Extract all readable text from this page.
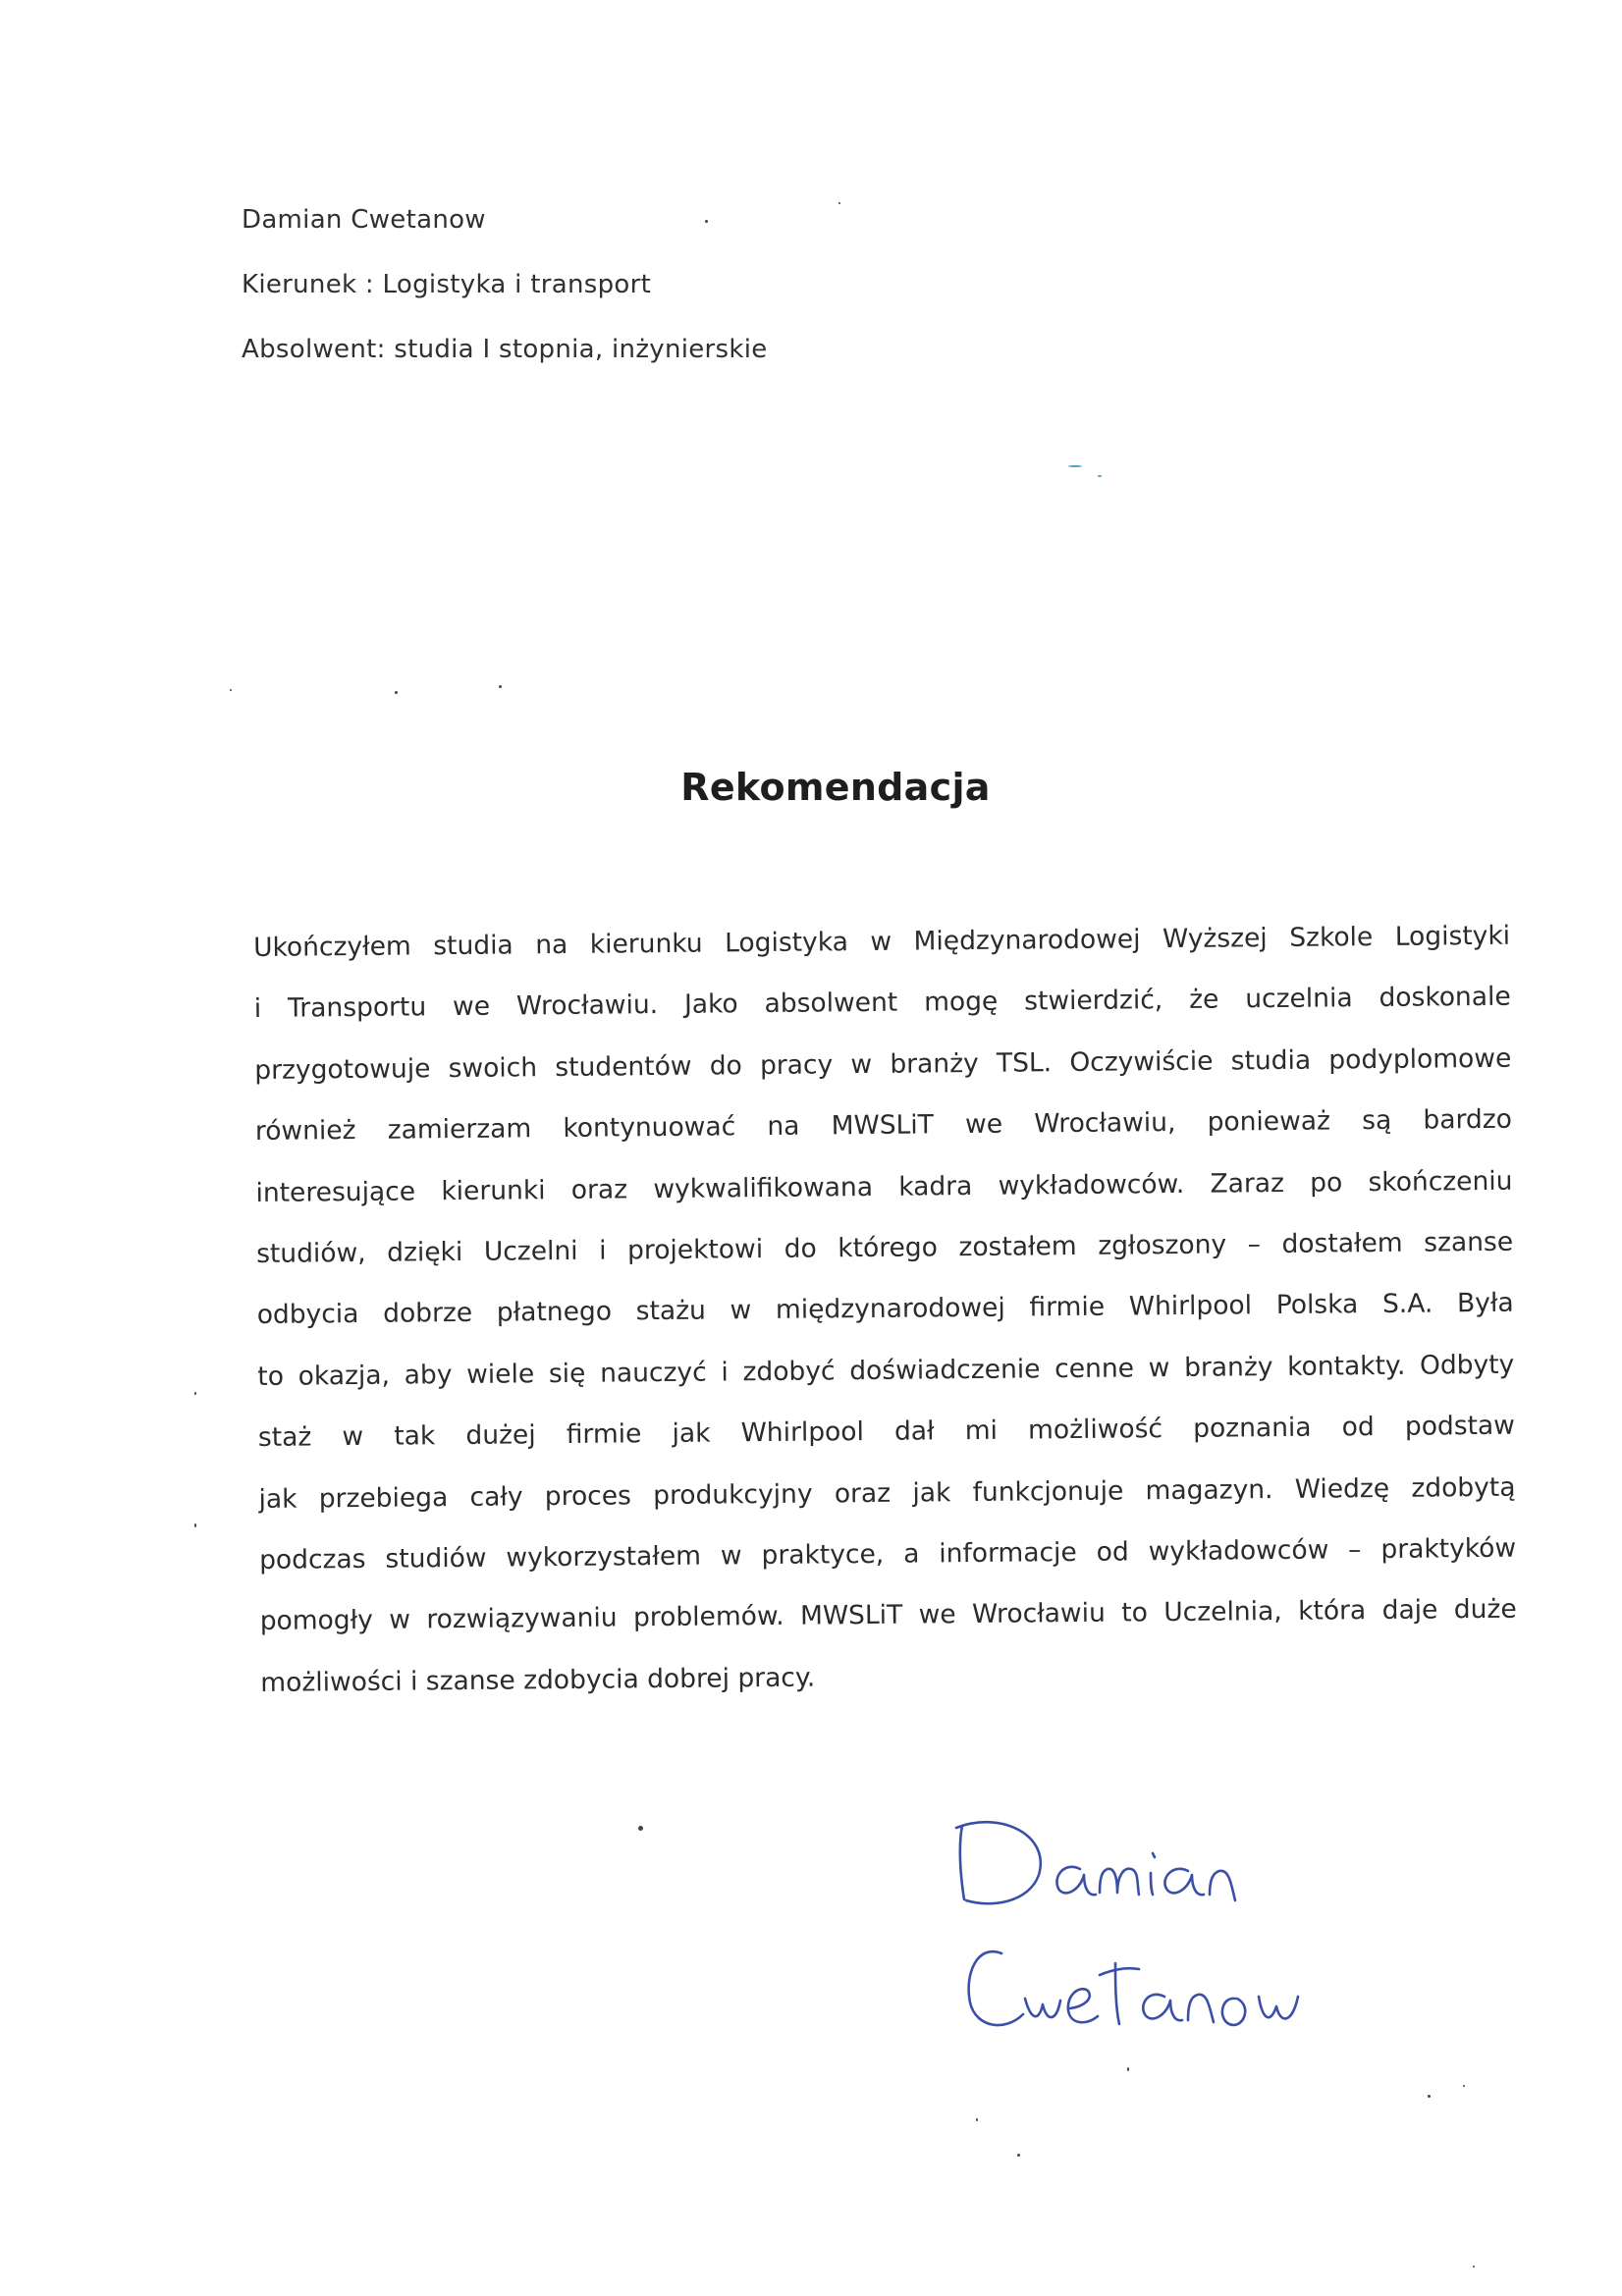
Damian Cwetanow
Kierunek : Logistyka i transport
Absolwent: studia I stopnia, inżynierskie
Rekomendacja
Ukończyłem studia na kierunku Logistyka w Międzynarodowej Wyższej Szkole Logistyki
i Transportu we Wrocławiu. Jako absolwent mogę stwierdzić, że uczelnia doskonale
przygotowuje swoich studentów do pracy w branży TSL. Oczywiście studia podyplomowe
również zamierzam kontynuować na MWSLiT we Wrocławiu, ponieważ są bardzo
interesujące kierunki oraz wykwalifikowana kadra wykładowców. Zaraz po skończeniu
studiów, dzięki Uczelni i projektowi do którego zostałem zgłoszony – dostałem szanse
odbycia dobrze płatnego stażu w międzynarodowej firmie Whirlpool Polska S.A. Była
to okazja, aby wiele się nauczyć i zdobyć doświadczenie cenne w branży kontakty. Odbyty
staż w tak dużej firmie jak Whirlpool dał mi możliwość poznania od podstaw
jak przebiega cały proces produkcyjny oraz jak funkcjonuje magazyn. Wiedzę zdobytą
podczas studiów wykorzystałem w praktyce, a informacje od wykładowców – praktyków
pomogły w rozwiązywaniu problemów. MWSLiT we Wrocławiu to Uczelnia, która daje duże
możliwości i szanse zdobycia dobrej pracy.
